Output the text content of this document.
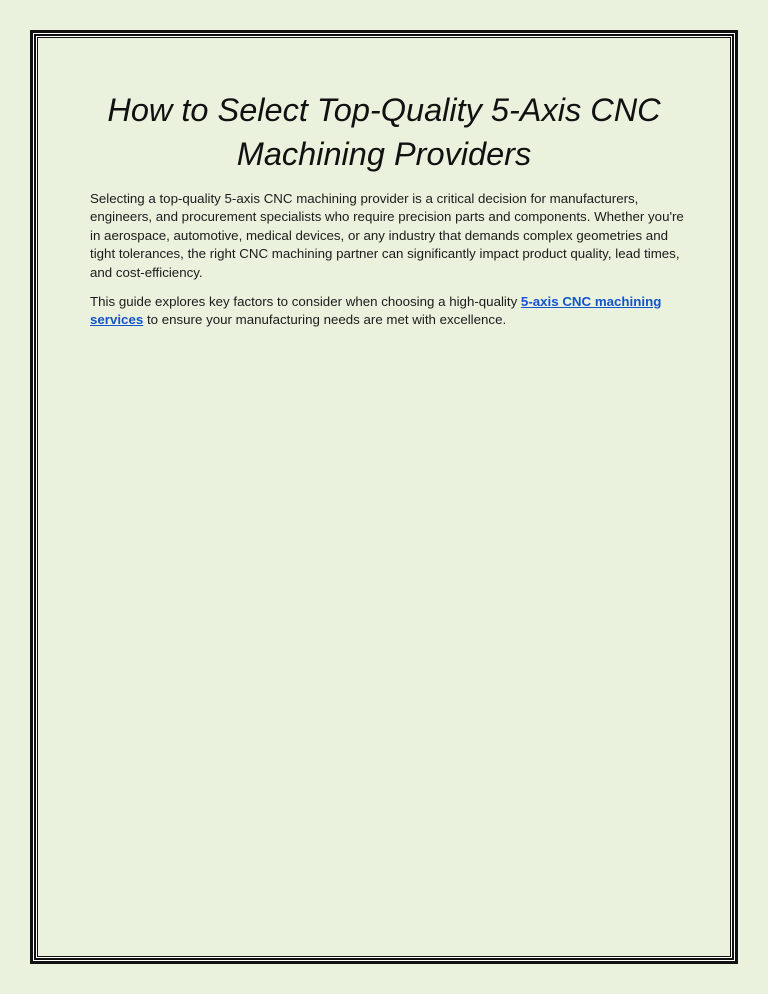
How to Select Top-Quality 5-Axis CNC
Machining Providers

Selecting a top-quality 5-axis CNC machining provider is a critical decision for manufacturers, engineers, and procurement specialists who require precision parts and components. Whether you're in aerospace, automotive, medical devices, or any industry that demands complex geometries and tight tolerances, the right CNC machining partner can significantly impact product quality, lead times, and cost-efficiency.

This guide explores key factors to consider when choosing a high-quality 5-axis CNC machining services to ensure your manufacturing needs are met with excellence.
